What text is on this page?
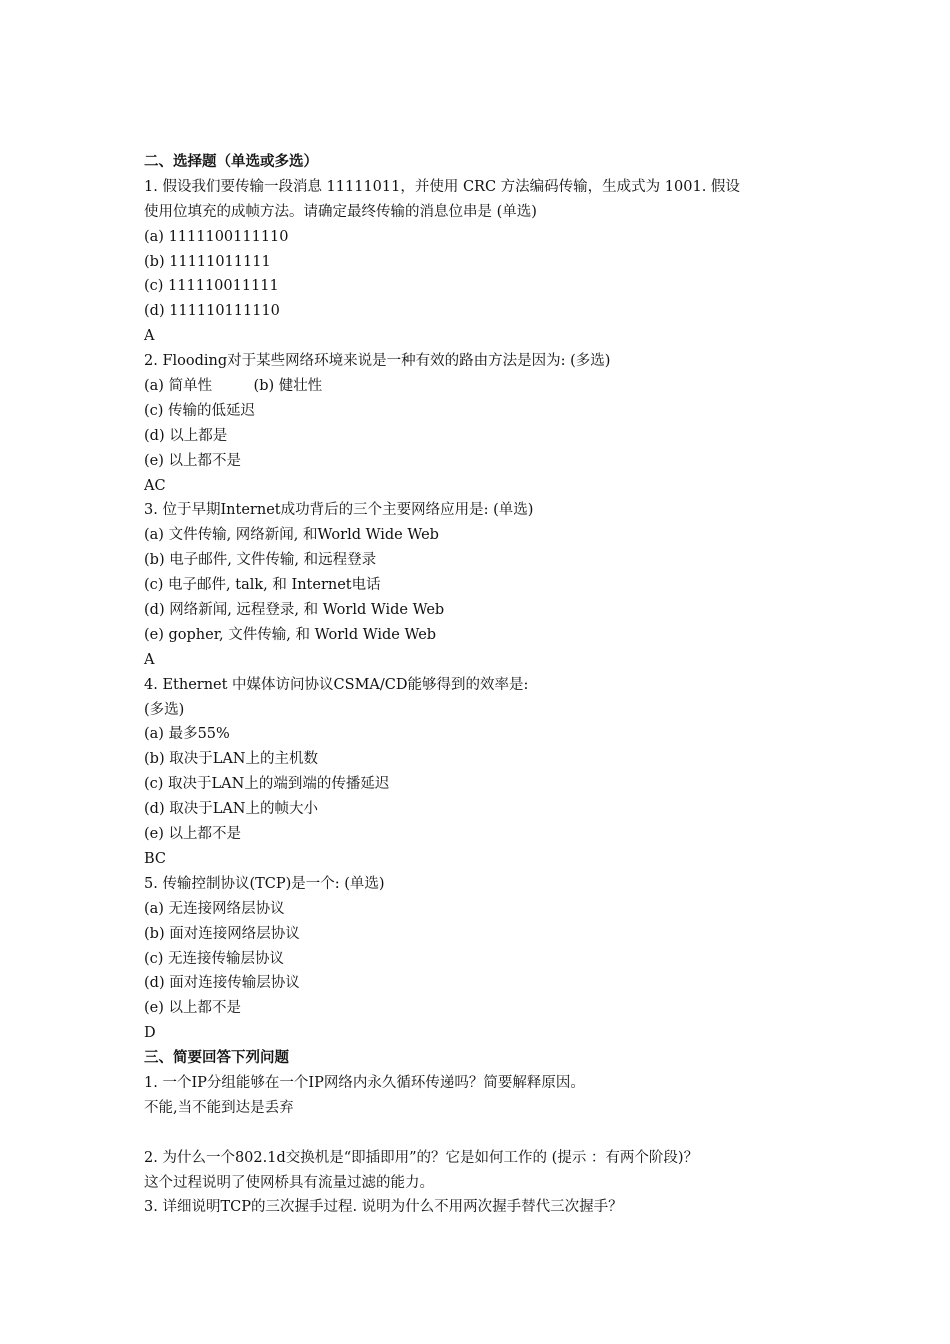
二、选择题（单选或多选）
1. 假设我们要传输一段消息 11111011，并使用 CRC 方法编码传输，生成式为 1001. 假设
使用位填充的成帧方法。请确定最终传输的消息位串是 (单选)
(a) 1111100111110
(b) 11111011111
(c) 111110011111
(d) 111110111110
A
2. Flooding对于某些网络环境来说是一种有效的路由方法是因为: (多选)
(a) 简单性         (b) 健壮性
(c) 传输的低延迟
(d) 以上都是
(e) 以上都不是
AC
3. 位于早期Internet成功背后的三个主要网络应用是: (单选)
(a) 文件传输, 网络新闻, 和World Wide Web
(b) 电子邮件, 文件传输, 和远程登录
(c) 电子邮件, talk, 和 Internet电话
(d) 网络新闻, 远程登录, 和 World Wide Web
(e) gopher, 文件传输, 和 World Wide Web
A
4. Ethernet 中媒体访问协议CSMA/CD能够得到的效率是:
(多选)
(a) 最多55%
(b) 取决于LAN上的主机数
(c) 取决于LAN上的端到端的传播延迟
(d) 取决于LAN上的帧大小
(e) 以上都不是
BC
5. 传输控制协议(TCP)是一个: (单选)
(a) 无连接网络层协议
(b) 面对连接网络层协议
(c) 无连接传输层协议
(d) 面对连接传输层协议
(e) 以上都不是
D
三、简要回答下列问题
1. 一个IP分组能够在一个IP网络内永久循环传递吗？简要解释原因。
不能,当不能到达是丢弃
2. 为什么一个802.1d交换机是“即插即用”的？它是如何工作的 (提示 ：有两个阶段)？
这个过程说明了使网桥具有流量过滤的能力。
3. 详细说明TCP的三次握手过程. 说明为什么不用两次握手替代三次握手？
